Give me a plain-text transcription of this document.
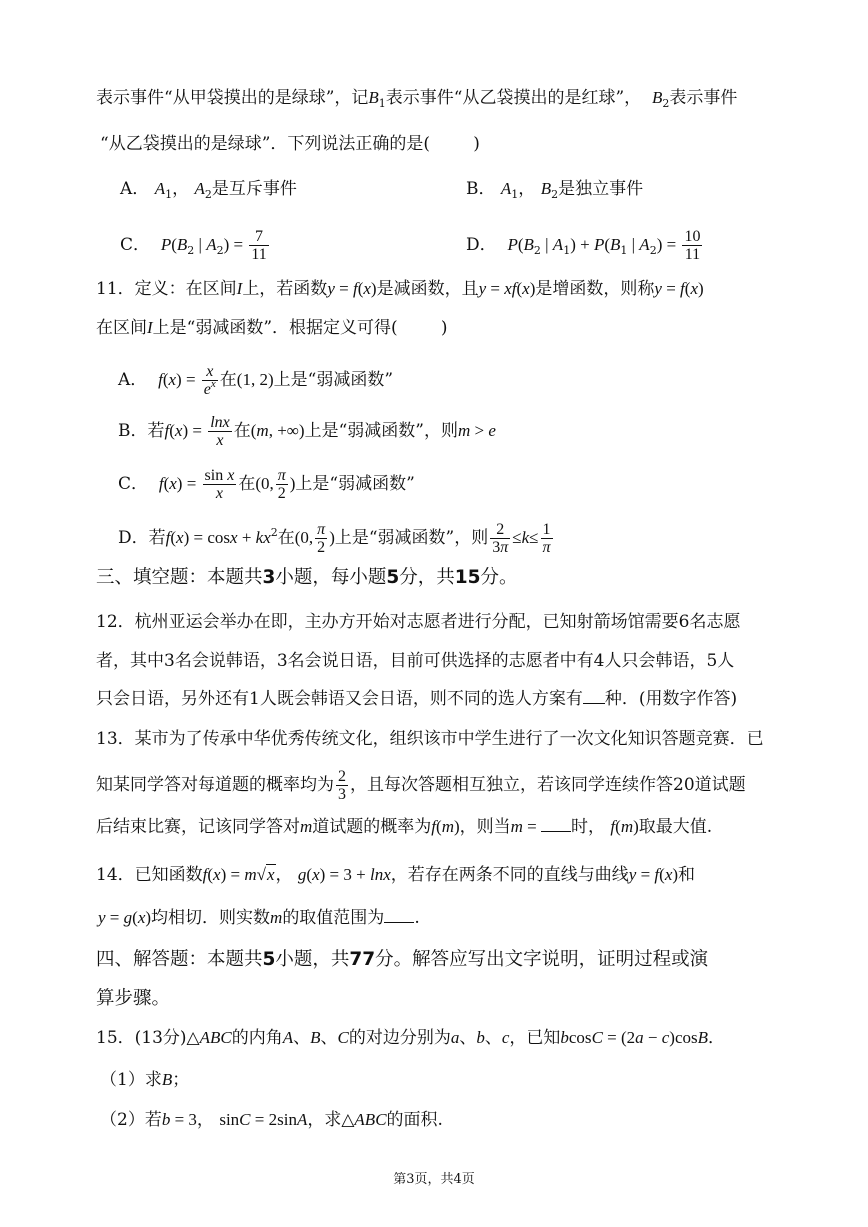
表示事件“从甲袋摸出的是绿球”，记$B_1$表示事件“从乙袋摸出的是红球”，  $B_2$表示事件
“从乙袋摸出的是绿球”．下列说法正确的是(        )
A． $A_1$， $A_2$是互斥事件	B． $A_1$， $B_2$是独立事件
C．  $P(B_2$ | $A_2) = \frac{7}{11}$	D．  $P(B_2$ | $A_1) + P(B_1$ | $A_2) = \frac{10}{11}$
11．定义：在区间I上，若函数y = f(x)是减函数，且y = xf(x)是增函数，则称y = f(x)
在区间I上是“弱减函数”．根据定义可得(        )
A．  $f(x) = \frac{x}{e^x}$ 在(1, 2)上是“弱减函数”
B．若$f(x) = \frac{\ln x}{x}$ 在(m, +∞)上是“弱减函数”，则m > e
C．  $f(x) = \frac{\text{sin x}}{x}$ 在(0, $\frac{\pi}{2}$ )上是“弱减函数”
D．若$f(x) = \cos x + kx^2$在(0, $\frac{\pi}{2}$ )上是“弱减函数”，则 $\frac{2}{3\pi} \le k\le \frac{1}{\pi}$
三、填空题：本题共3小题，每小题5分，共15分。
12．杭州亚运会举办在即，主办方开始对志愿者进行分配，已知射箭场馆需要6名志愿
者，其中3名会说韩语，3名会说日语，目前可供选择的志愿者中有4人只会韩语，5人
只会日语，另外还有1人既会韩语又会日语，则不同的选人方案有 种．(用数字作答)
13．某市为了传承中华优秀传统文化，组织该市中学生进行了一次文化知识答题竞赛．已
知某同学答对每道题的概率均为 $\frac{2}{3}$ ，且每次答题相互独立，若该同学连续作答20道试题
后结束比赛，记该同学答对m道试题的概率为f(m)，则当m = 时， f(m)取最大值.
14．已知函数f(x) = m√x， g(x) = 3 + lnx，若存在两条不同的直线与曲线y = f(x)和
y = g(x)均相切．则实数m的取值范围为 .
四、解答题：本题共5小题，共77分。解答应写出文字说明，证明过程或演
算步骤。
15．(13分)△ABC的内角A、B、C的对边分别为a、b、c，已知bcosC = (2a − c)cosB．
（1）求B；
（2）若b = 3， sinC = 2sinA，求△ABC的面积.
第3页，共4页
